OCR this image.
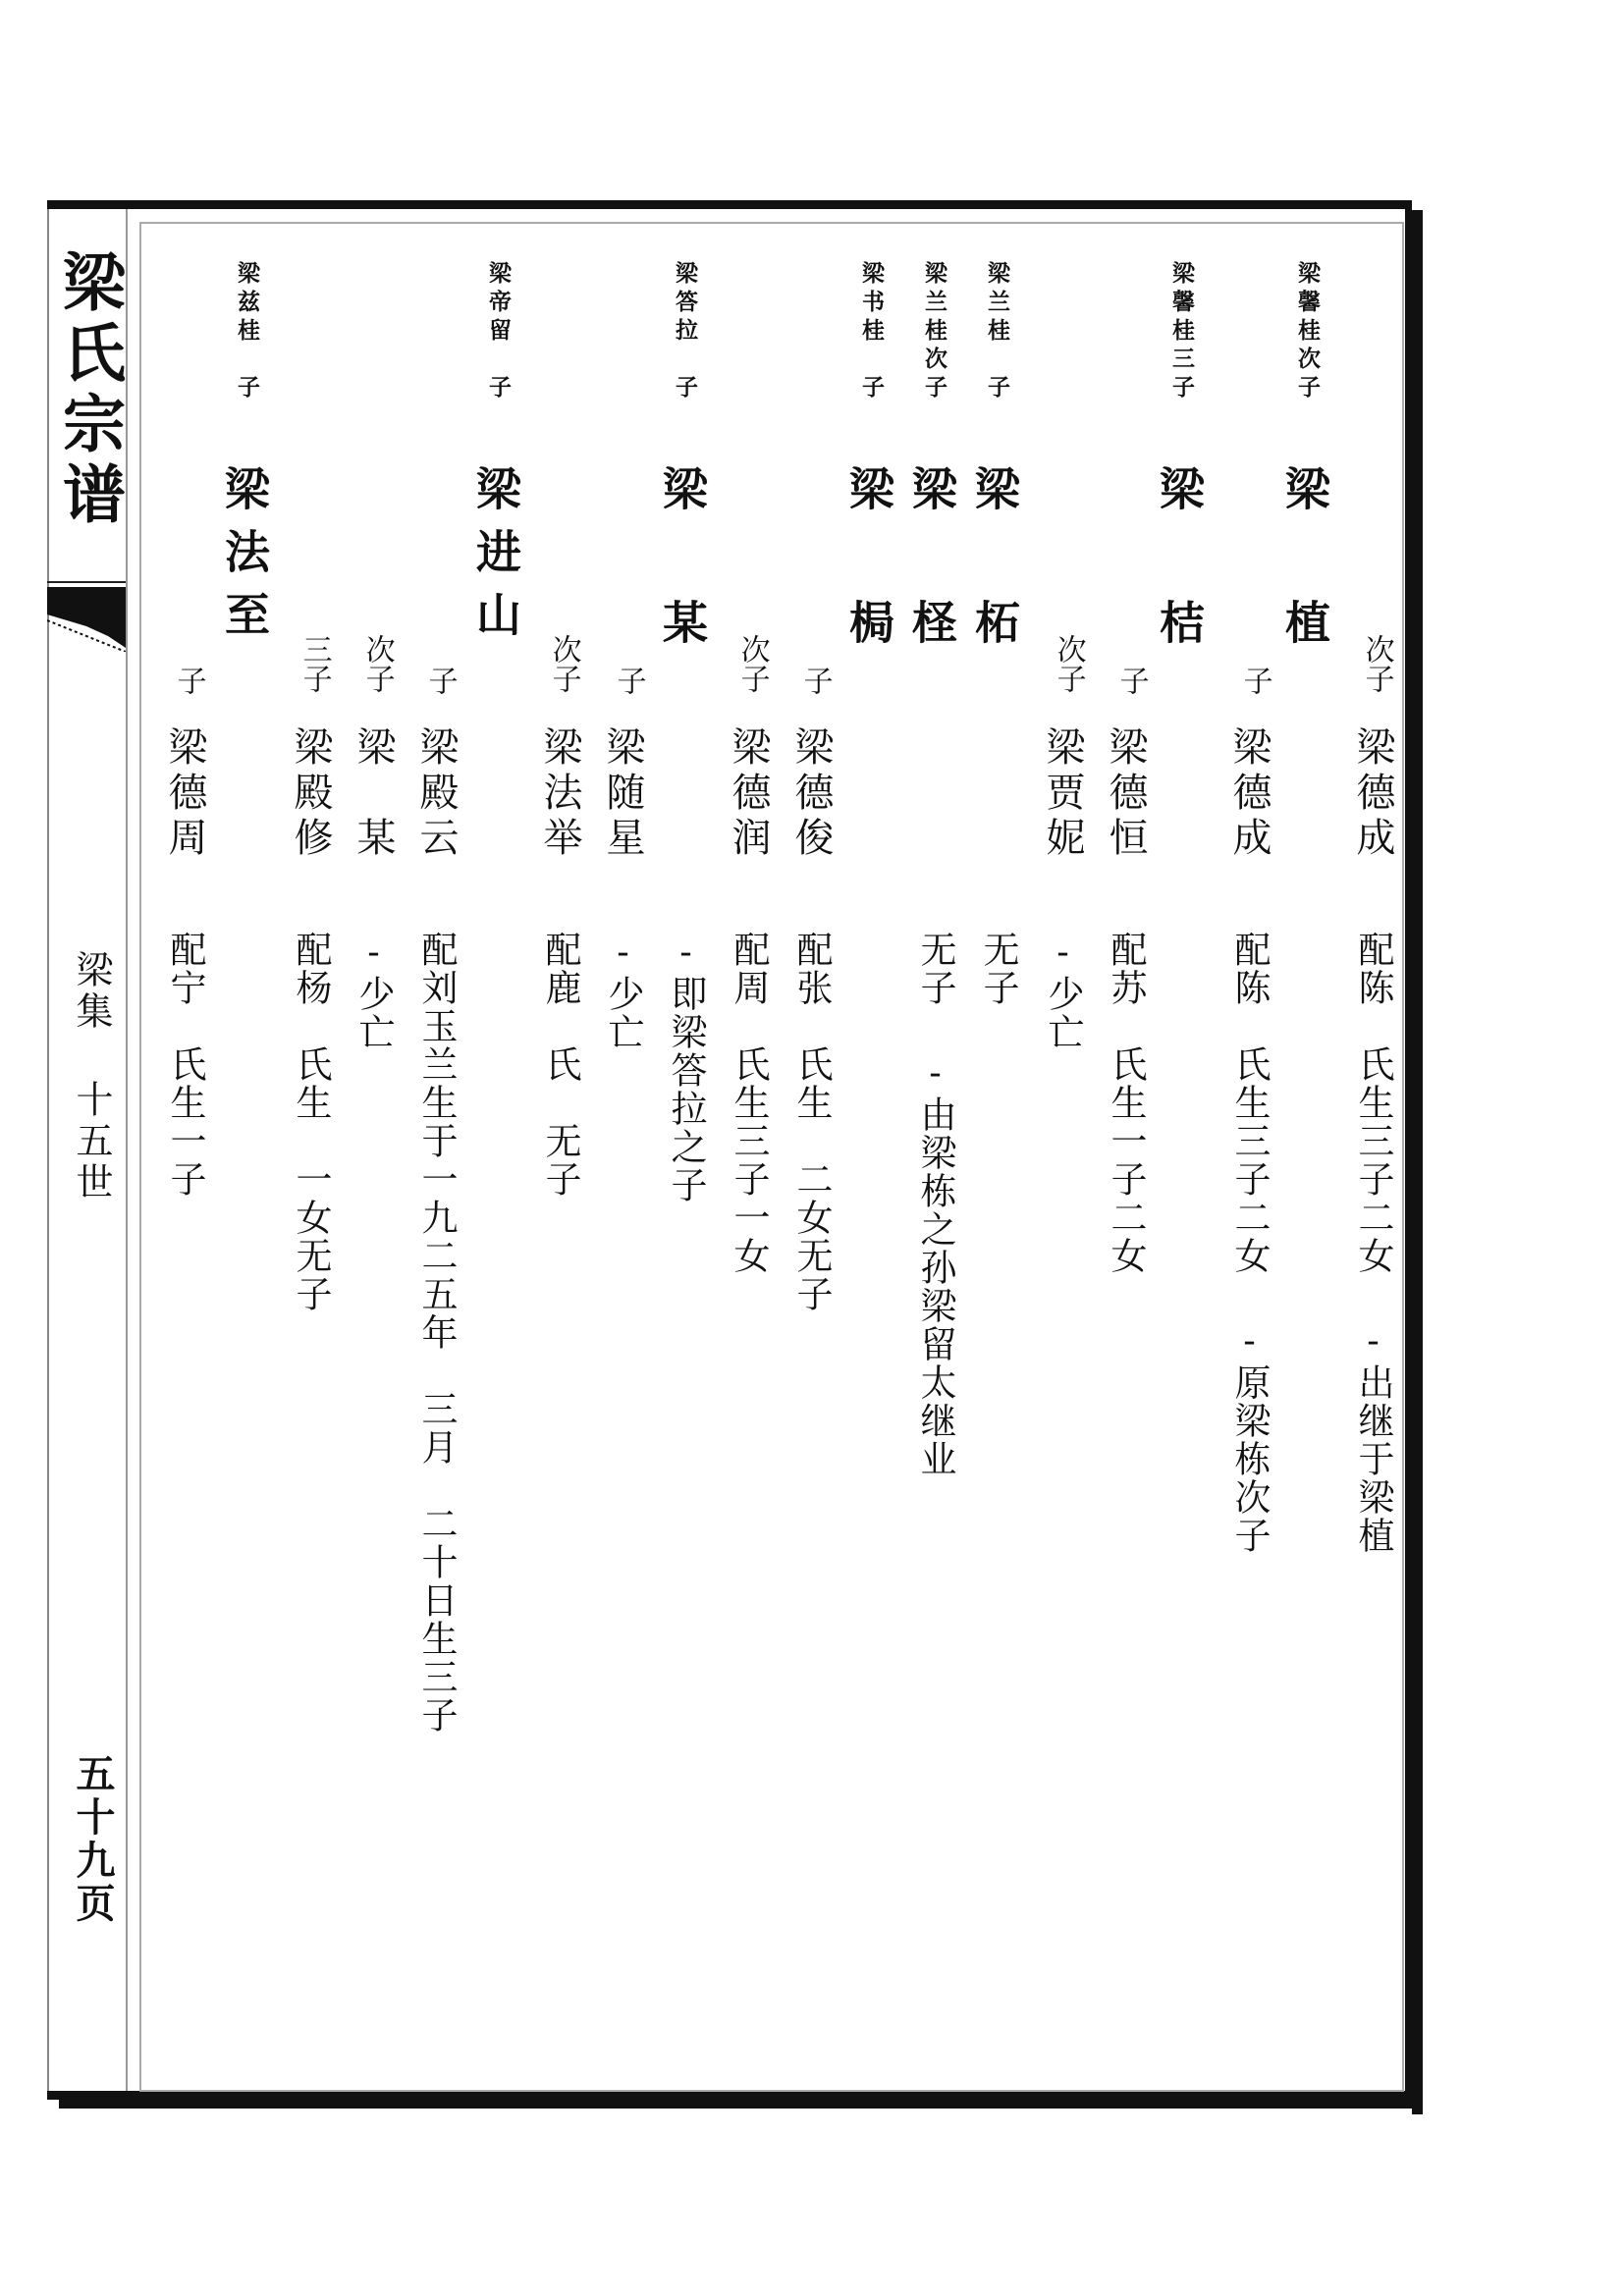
梁氏宗谱
梁集 十五世
五十九页
梁馨桂次子
梁 植
次子
梁德成
配陈　氏生三子二女 -出继于梁植
梁馨桂三子
梁 桔
子
梁德成
配陈　氏生三子二女 -原梁栋次子
子
梁德恒
配苏　氏生一子二女
次子
梁贾妮
-少亡
梁兰桂　子
梁 柘
无子
梁兰桂次子
梁 柽
无子 -由梁栋之孙梁留太继业
梁书桂　子
梁 梮
子
梁德俊
配张　氏生　二女无子
次子
梁德润
配周　氏生三子一女
梁答拉　子
梁 某
-即梁答拉之子
子
梁随星
-少亡
次子
梁法举
配鹿　氏　无子
梁帝留　子
梁进山
子
梁殿云
配刘玉兰生于一九二五年　三月　二十日生三子
次子
梁　某
-少亡
三子
梁殿修
配杨　氏生　一女无子
梁兹桂　子
梁法至
子
梁德周
配宁　氏生一子
